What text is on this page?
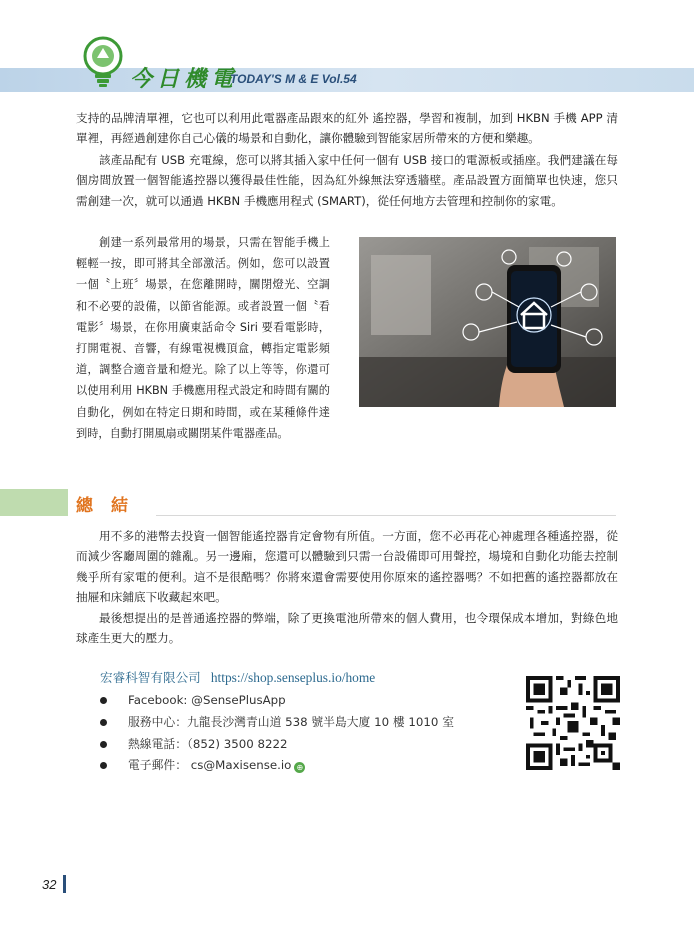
今日機電
TODAY'S M & E Vol.54
支持的品牌清單裡，它也可以利用此電器產品跟來的紅外 遙控器，學習和複制，加到 HKBN 手機 APP 清單裡，再經過創建你自己心儀的場景和自動化，讓你體驗到智能家居所帶來的方便和樂趣。
該產品配有 USB 充電線，您可以將其插入家中任何一個有 USB 接口的電源板或插座。我們建議在每個房間放置一個智能遙控器以獲得最佳性能，因為紅外線無法穿透牆壁。產品設置方面簡單也快速，您只需創建一次，就可以通過 HKBN 手機應用程式 (SMART)，從任何地方去管理和控制你的家電。
創建一系列最常用的場景，只需在智能手機上輕輕一按，即可將其全部激活。例如，您可以設置一個〝上班〞場景，在您離開時，關閉燈光、空調和不必要的設備，以節省能源。或者設置一個〝看電影〞場景，在你用廣東話命令 Siri 要看電影時，打開電視、音響，有線電視機頂盒，轉指定電影頻道，調整合適音量和燈光。除了以上等等，你還可以使用利用 HKBN 手機應用程式設定和時間有關的自動化，例如在特定日期和時間，或在某種條件達到時，自動打開風扇或關閉某件電器產品。
總結
用不多的港幣去投資一個智能遙控器肯定會物有所值。一方面，您不必再花心神處理各種遙控器，從而減少客廳周圍的雜亂。另一邊廂，您還可以體驗到只需一台設備即可用聲控，場境和自動化功能去控制幾乎所有家電的便利。這不是很酷嗎？你將來還會需要使用你原來的遙控器嗎？不如把舊的遙控器都放在抽屜和床鋪底下收藏起來吧。
最後想提出的是普通遙控器的弊端，除了更換電池所帶來的個人費用，也令環保成本增加，對綠色地球產生更大的壓力。
宏睿科智有限公司 https://shop.senseplus.io/home
Facebook: @SensePlusApp
服務中心：九龍長沙灣青山道 538 號半島大廈 10 樓 1010 室
熱線電話：（852) 3500 8222
電子郵件： cs@Maxisense.io ⊕
32
